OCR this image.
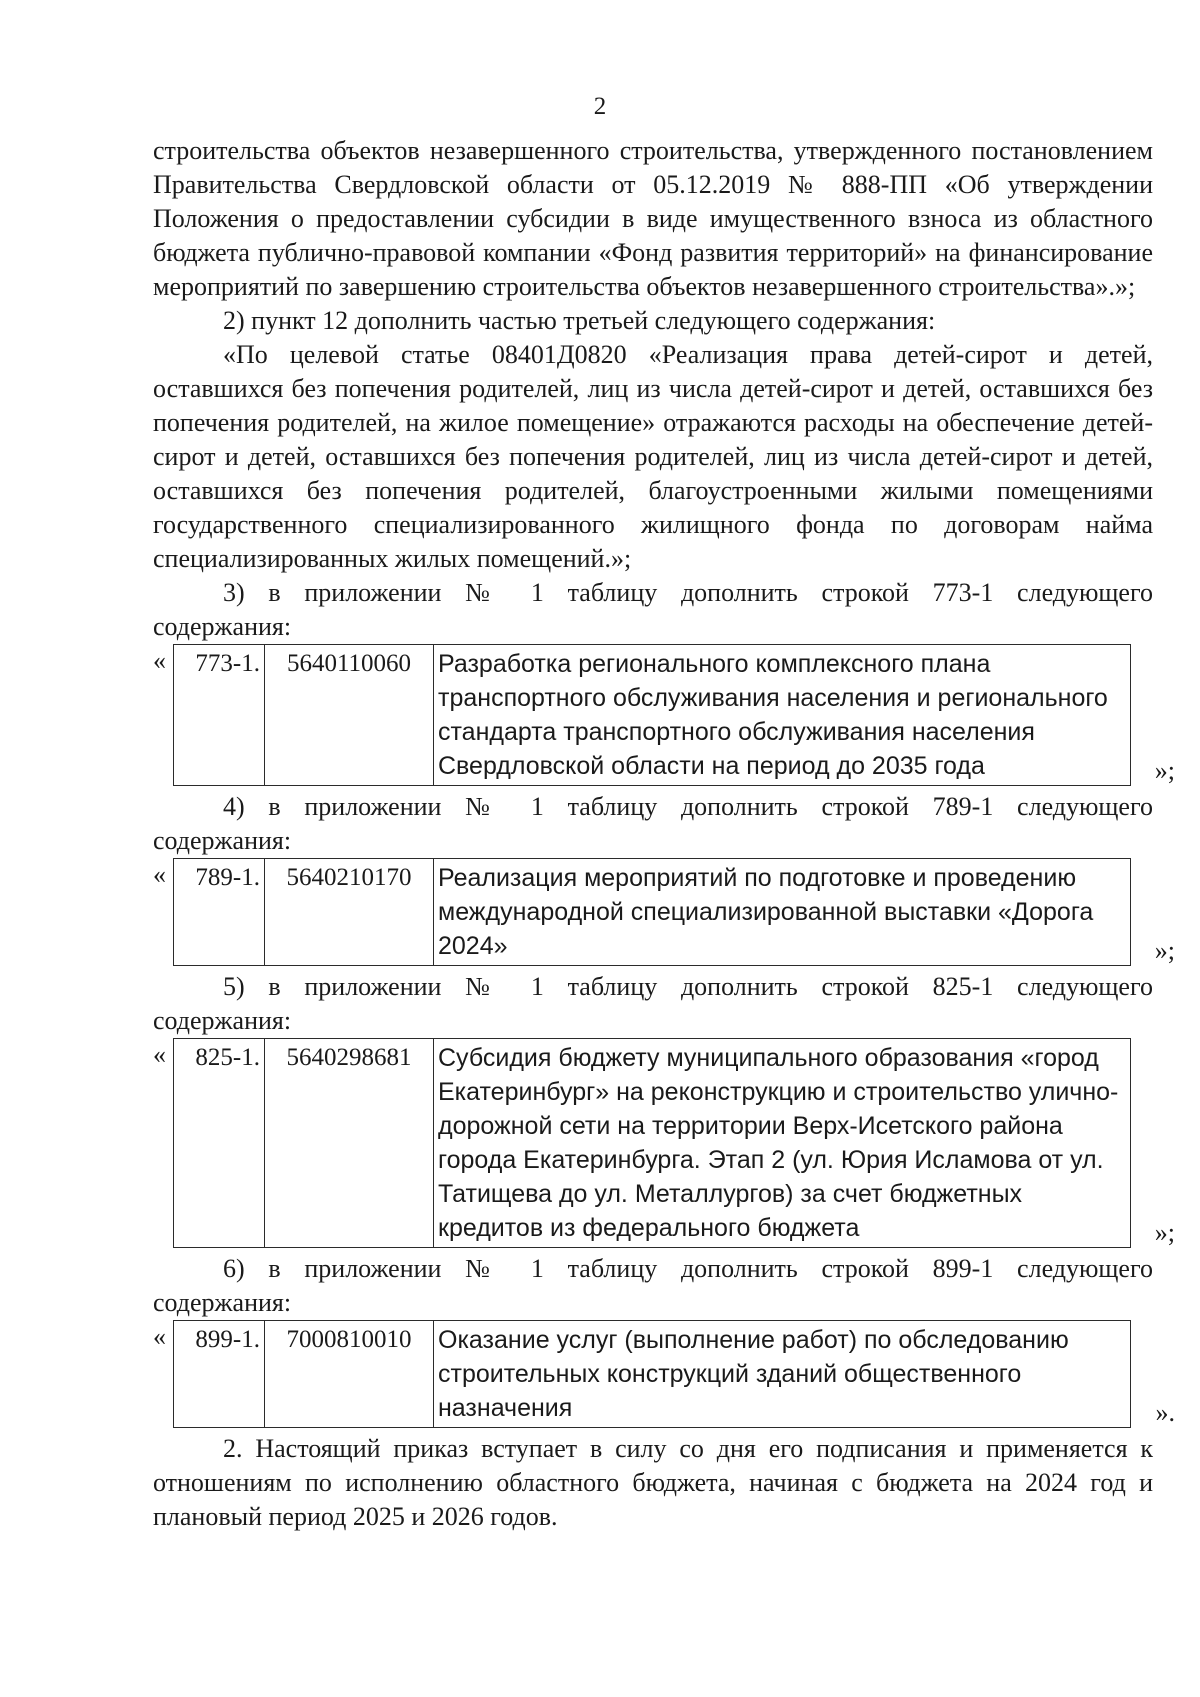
2

строительства объектов незавершенного строительства, утвержденного постановлением Правительства Свердловской области от 05.12.2019 № 888-ПП «Об утверждении Положения о предоставлении субсидии в виде имущественного взноса из областного бюджета публично-правовой компании «Фонд развития территорий» на финансирование мероприятий по завершению строительства объектов незавершенного строительства».»;

2) пункт 12 дополнить частью третьей следующего содержания:

«По целевой статье 08401Д0820 «Реализация права детей-сирот и детей, оставшихся без попечения родителей, лиц из числа детей-сирот и детей, оставшихся без попечения родителей, на жилое помещение» отражаются расходы на обеспечение детей-сирот и детей, оставшихся без попечения родителей, лиц из числа детей-сирот и детей, оставшихся без попечения родителей, благоустроенными жилыми помещениями государственного специализированного жилищного фонда по договорам найма специализированных жилых помещений.»;

3) в приложении № 1 таблицу дополнить строкой 773-1 следующего

содержания:

« 773-1.	5640110060	Разработка регионального комплексного плана транспортного обслуживания населения и регионального стандарта транспортного обслуживания населения Свердловской области на период до 2035 года	»;

4) в приложении № 1 таблицу дополнить строкой 789-1 следующего

содержания:

« 789-1.	5640210170	Реализация мероприятий по подготовке и проведению международной специализированной выставки «Дорога 2024»	»;

5) в приложении № 1 таблицу дополнить строкой 825-1 следующего

содержания:

« 825-1.	5640298681	Субсидия бюджету муниципального образования «город Екатеринбург» на реконструкцию и строительство улично-дорожной сети на территории Верх-Исетского района города Екатеринбурга. Этап 2 (ул. Юрия Исламова от ул. Татищева до ул. Металлургов) за счет бюджетных кредитов из федерального бюджета	»;

6) в приложении № 1 таблицу дополнить строкой 899-1 следующего

содержания:

« 899-1.	7000810010	Оказание услуг (выполнение работ) по обследованию строительных конструкций зданий общественного назначения	».

2. Настоящий приказ вступает в силу со дня его подписания и применяется к отношениям по исполнению областного бюджета, начиная с бюджета на 2024 год и плановый период 2025 и 2026 годов.
